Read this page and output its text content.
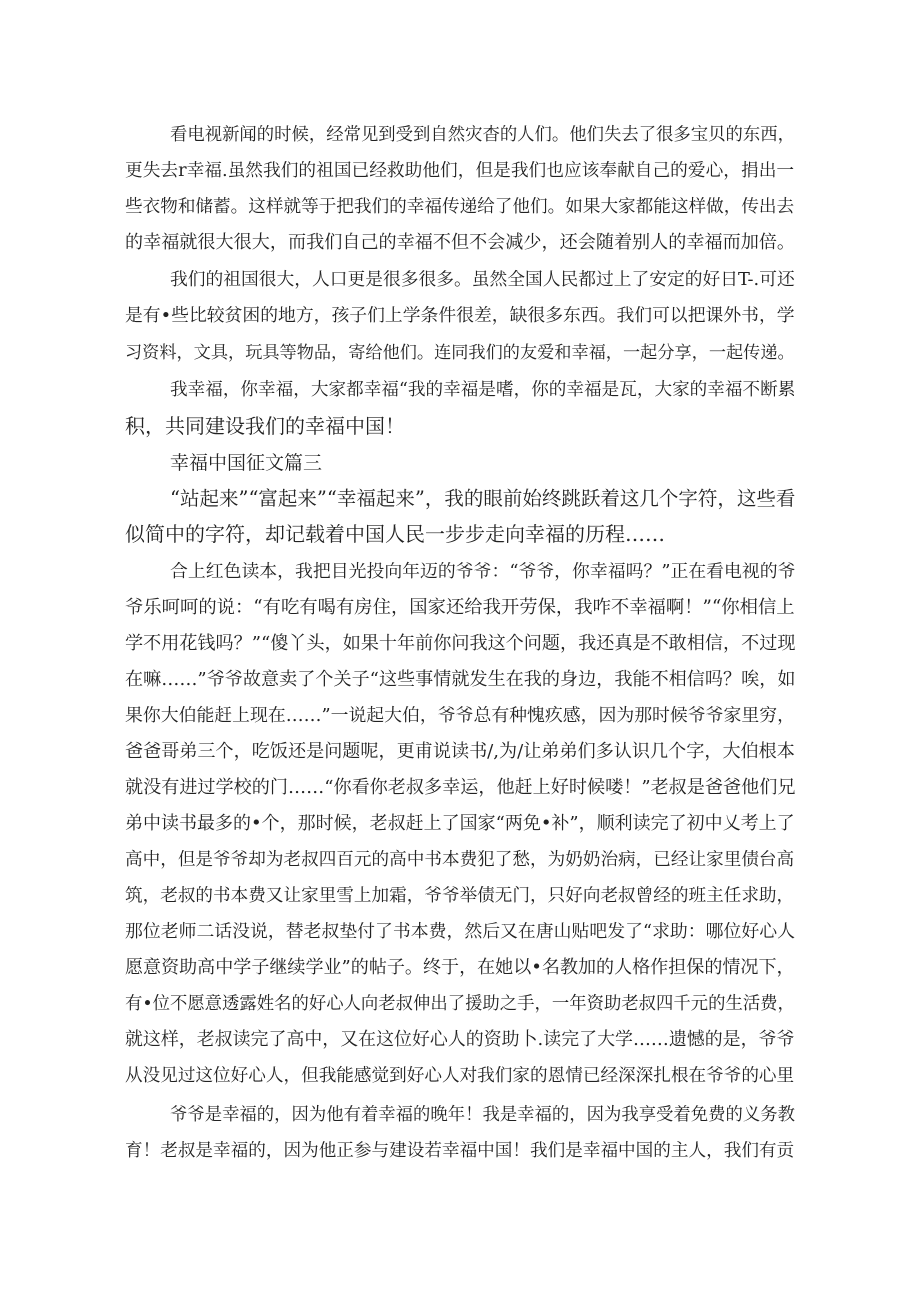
看电视新闻的时候，经常见到受到自然灾杳的人们。他们失去了很多宝贝的东西，
更失去r幸福.虽然我们的祖国已经救助他们，但是我们也应该奉献自己的爱心，捐出一
些衣物和储蓄。这样就等于把我们的幸福传递给了他们。如果大家都能这样做，传出去
的幸福就很大很大，而我们自己的幸福不但不会减少，还会随着别人的幸福而加倍。
我们的祖国很大，人口更是很多很多。虽然全国人民都过上了安定的好日T-.可还
是有•些比较贫困的地方，孩子们上学条件很差，缺很多东西。我们可以把课外书，学
习资料，文具，玩具等物品，寄给他们。连同我们的友爱和幸福，一起分享，一起传递。
我幸福，你幸福，大家都幸福“我的幸福是嗜，你的幸福是瓦，大家的幸福不断累
积，共同建设我们的幸福中国！
幸福中国征文篇三
“站起来”“富起来”“幸福起来”，我的眼前始终跳跃着这几个字符，这些看
似简中的字符，却记载着中国人民一步步走向幸福的历程……
合上红色读本，我把目光投向年迈的爷爷：“爷爷，你幸福吗？”正在看电视的爷
爷乐呵呵的说：“有吃有喝有房住，国家还给我开劳保，我咋不幸福啊！”“你相信上
学不用花钱吗？”“傻丫头，如果十年前你问我这个问题，我还真是不敢相信，不过现
在嘛……”爷爷故意卖了个关子“这些事情就发生在我的身边，我能不相信吗？唉，如
果你大伯能赶上现在……”一说起大伯，爷爷总有种愧疚感，因为那时候爷爷家里穷，
爸爸哥弟三个，吃饭还是问题呢，更甫说读书/,为/让弟弟们多认识几个字，大伯根本
就没有进过学校的门……“你看你老叔多幸运，他赶上好时候喽！”老叔是爸爸他们兄
弟中读书最多的•个，那时候，老叔赶上了国家“两免•补”，顺利读完了初中乂考上了
高中，但是爷爷却为老叔四百元的高中书本费犯了愁，为奶奶治病，已经让家里债台高
筑，老叔的书本费又让家里雪上加霜，爷爷举债无门，只好向老叔曾经的班主任求助，
那位老师二话没说，替老叔垫付了书本费，然后又在唐山贴吧发了“求助：哪位好心人
愿意资助高中学子继续学业”的帖子。终于，在她以•名教加的人格作担保的情况下，
有•位不愿意透露姓名的好心人向老叔伸出了援助之手，一年资助老叔四千元的生活费，
就这样，老叔读完了高中，又在这位好心人的资助卜.读完了大学……遗憾的是，爷爷
从没见过这位好心人，但我能感觉到好心人对我们家的恩情已经深深扎根在爷爷的心里
爷爷是幸福的，因为他有着幸福的晚年！我是幸福的，因为我享受着免费的义务教
育！老叔是幸福的，因为他正参与建设若幸福中国！我们是幸福中国的主人，我们有贡
